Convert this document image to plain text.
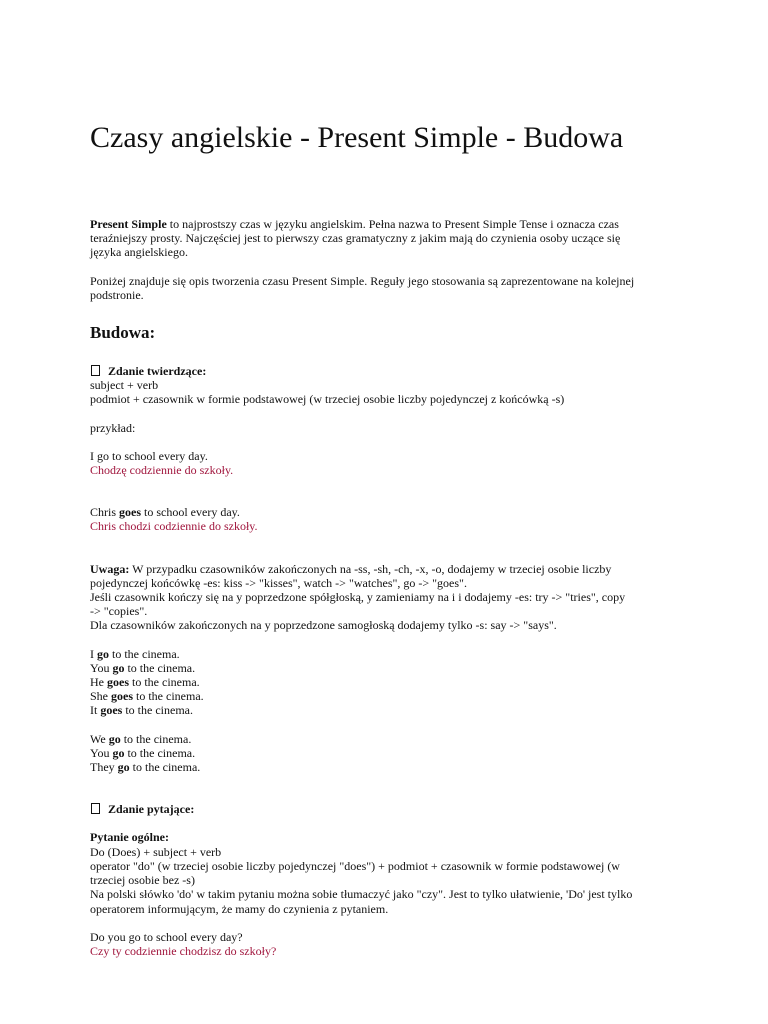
Czasy angielskie - Present Simple - Budowa

Present Simple to najprostszy czas w języku angielskim. Pełna nazwa to Present Simple Tense i oznacza czas

teraźniejszy prosty. Najczęściej jest to pierwszy czas gramatyczny z jakim mają do czynienia osoby uczące się

języka angielskiego.

Poniżej znajduje się opis tworzenia czasu Present Simple. Reguły jego stosowania są zaprezentowane na kolejnej

podstronie.

Budowa:

Zdanie twierdzące:

subject + verb

podmiot + czasownik w formie podstawowej (w trzeciej osobie liczby pojedynczej z końcówką -s)

przykład:

I go to school every day.

Chodzę codziennie do szkoły.

Chris goes to school every day.

Chris chodzi codziennie do szkoły.

Uwaga: W przypadku czasowników zakończonych na -ss, -sh, -ch, -x, -o, dodajemy w trzeciej osobie liczby

pojedynczej końcówkę -es: kiss -> "kisses", watch -> "watches", go -> "goes".

Jeśli czasownik kończy się na y poprzedzone spółgłoską, y zamieniamy na i i dodajemy -es: try -> "tries", copy

-> "copies".

Dla czasowników zakończonych na y poprzedzone samogłoską dodajemy tylko -s: say -> "says".

I go to the cinema.

You go to the cinema.

He goes to the cinema.

She goes to the cinema.

It goes to the cinema.

We go to the cinema.

You go to the cinema.

They go to the cinema.

Zdanie pytające:

Pytanie ogólne:

Do (Does) + subject + verb

operator "do" (w trzeciej osobie liczby pojedynczej "does") + podmiot + czasownik w formie podstawowej (w

trzeciej osobie bez -s)

Na polski słówko 'do' w takim pytaniu można sobie tłumaczyć jako "czy". Jest to tylko ułatwienie, 'Do' jest tylko

operatorem informującym, że mamy do czynienia z pytaniem.

Do you go to school every day?

Czy ty codziennie chodzisz do szkoły?
